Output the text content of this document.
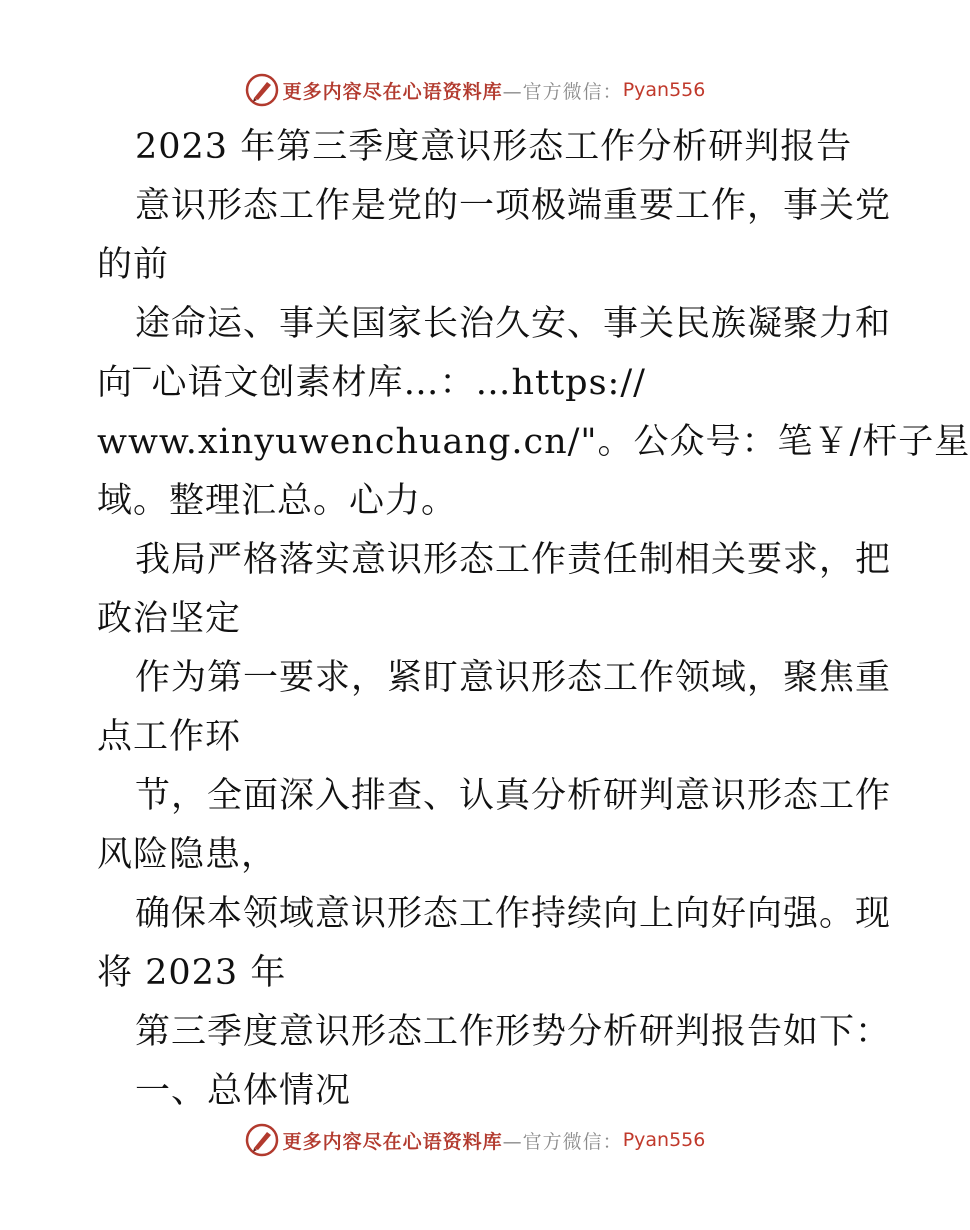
更多内容尽在心语资料库 —官方微信： Pyan556
2023 年第三季度意识形态工作分析研判报告
意识形态工作是党的一项极端重要工作，事关党
的前
途命运、事关国家长治久安、事关民族凝聚力和
向‾心语文创素材库…：…https://
www.xinyuwenchuang.cn/"。公众号：笔￥/杆子星
域。整理汇总。心力。
我局严格落实意识形态工作责任制相关要求，把
政治坚定
作为第一要求，紧盯意识形态工作领域，聚焦重
点工作环
节，全面深入排查、认真分析研判意识形态工作
风险隐患，
确保本领域意识形态工作持续向上向好向强。现
将 2023 年
第三季度意识形态工作形势分析研判报告如下：
一、总体情况
更多内容尽在心语资料库 —官方微信： Pyan556
